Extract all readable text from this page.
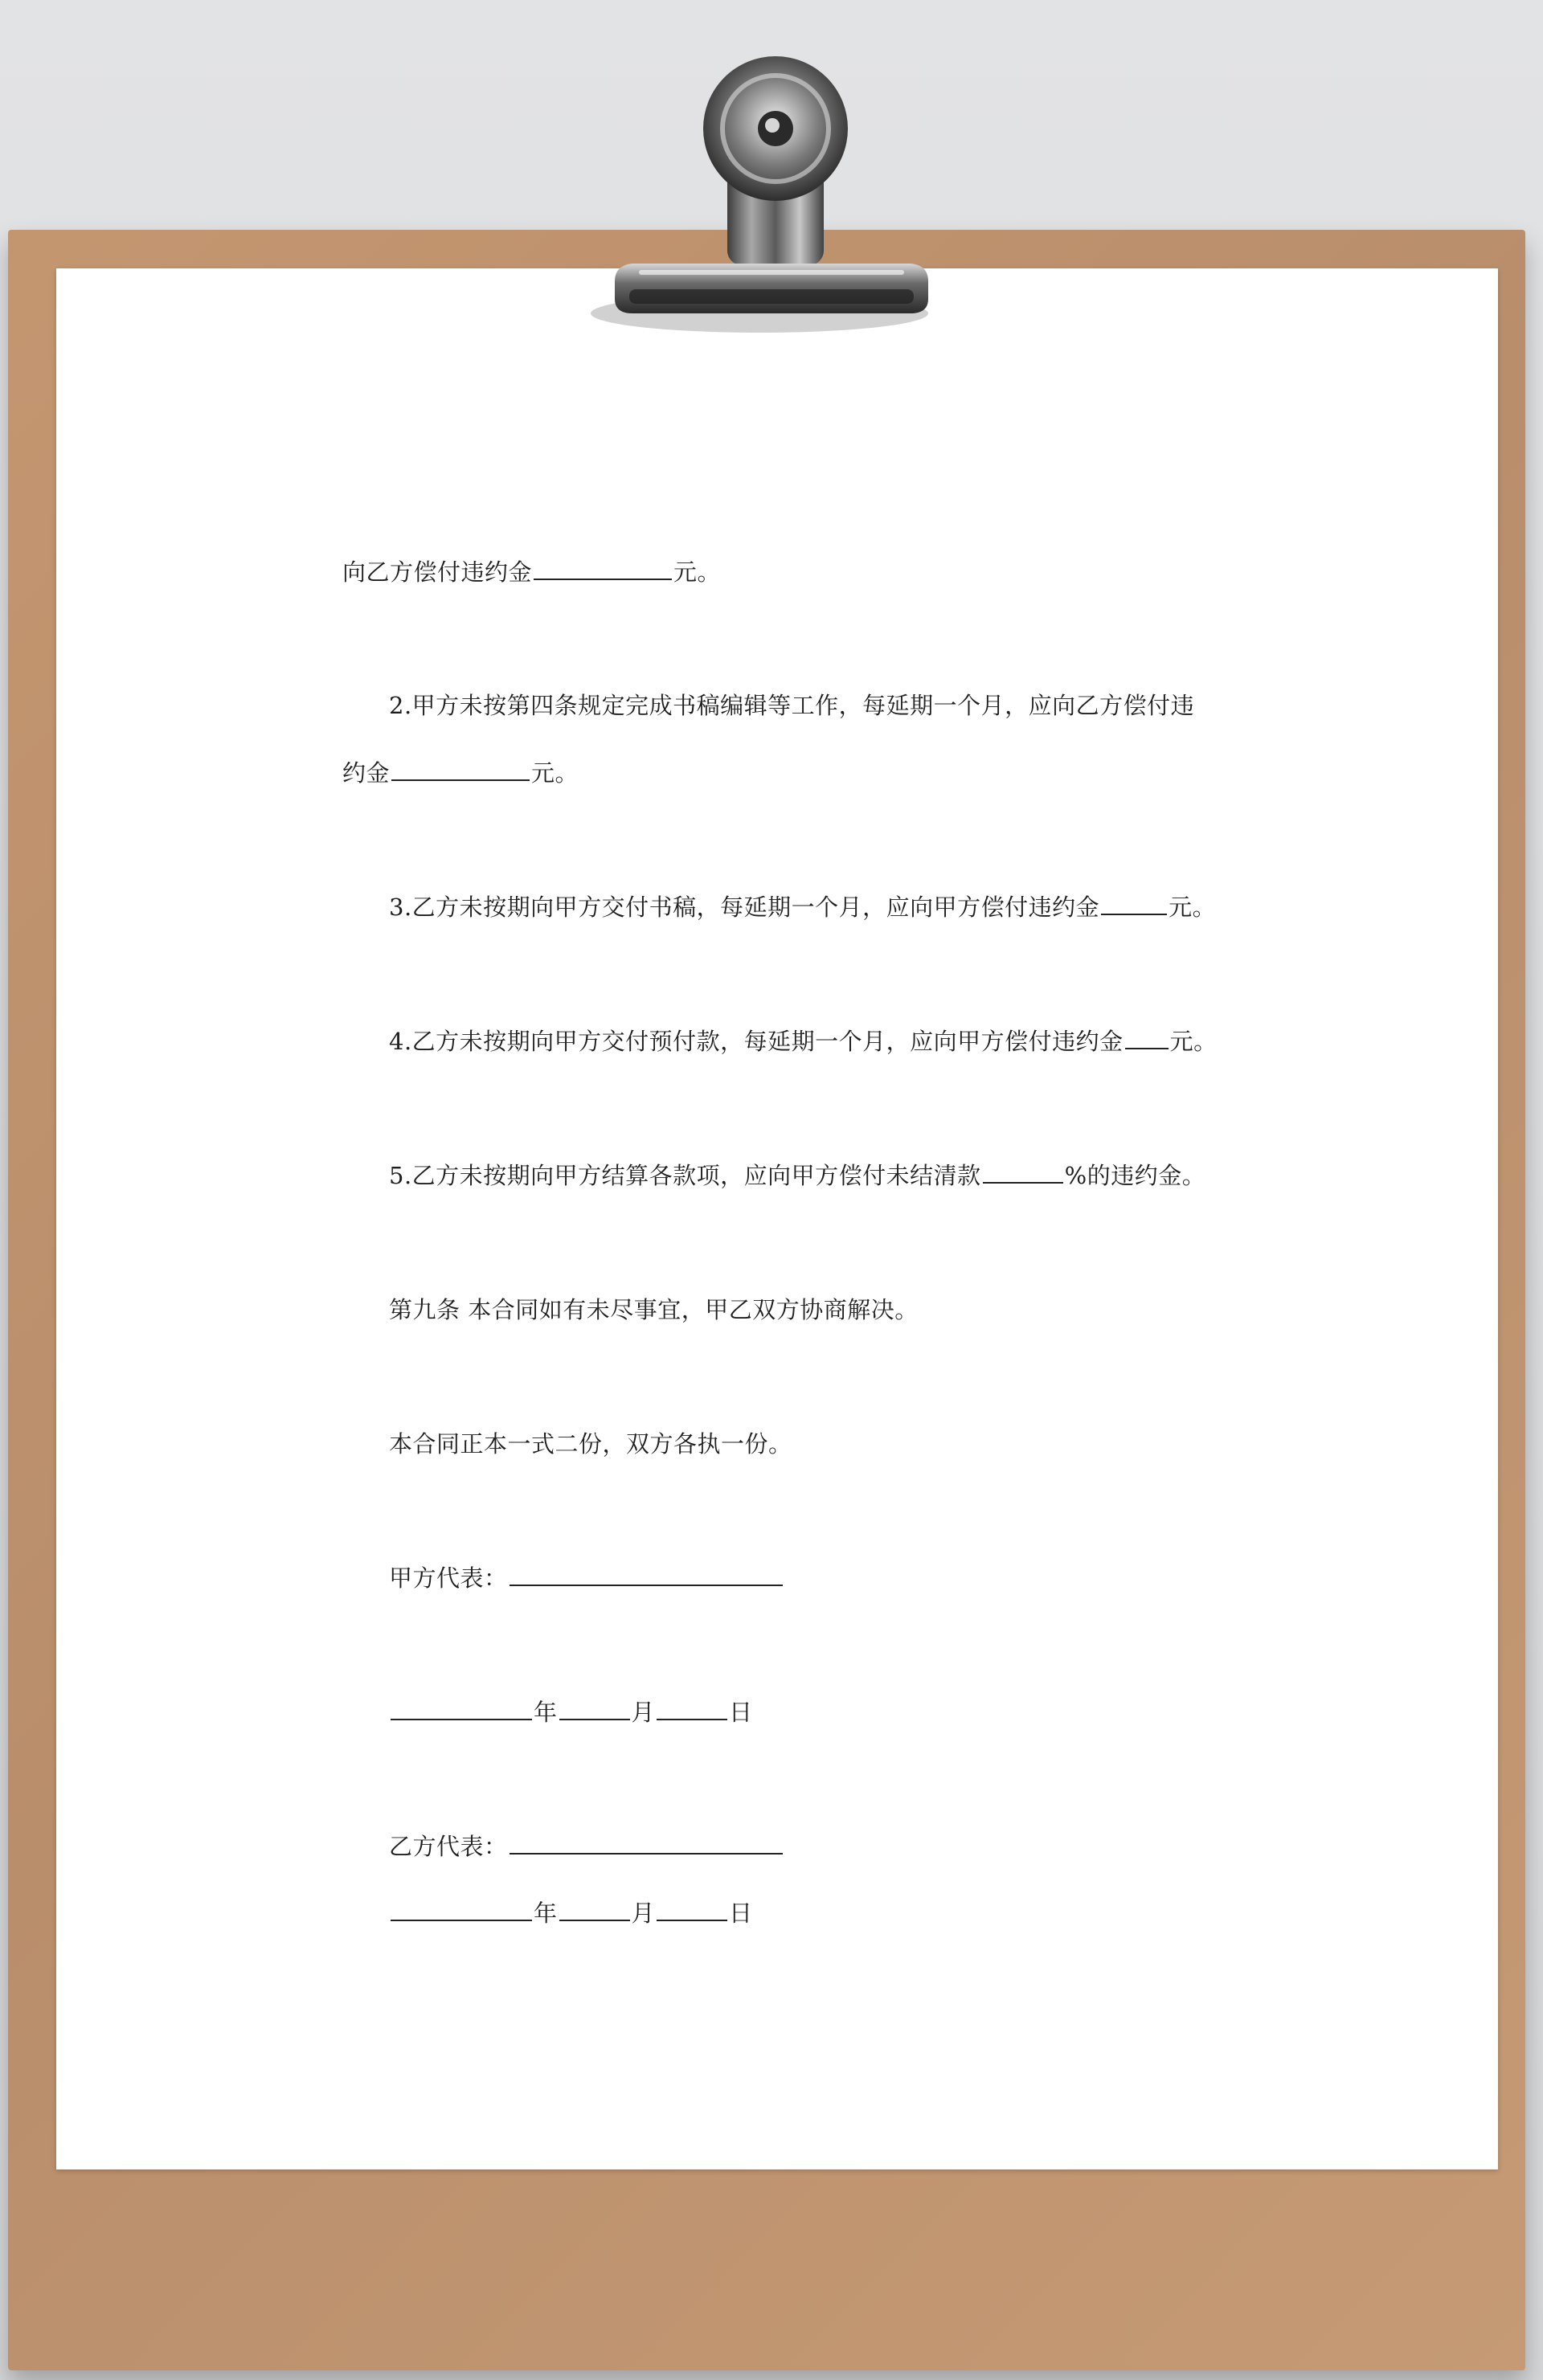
向乙方偿付违约金	元。
2.甲方未按第四条规定完成书稿编辑等工作，每延期一个月，应向乙方偿付违
约金	元。
3.乙方未按期向甲方交付书稿，每延期一个月，应向甲方偿付违约金	元。
4.乙方未按期向甲方交付预付款，每延期一个月，应向甲方偿付违约金 元。
5.乙方未按期向甲方结算各款项，应向甲方偿付未结清款	%的违约金。
第九条 本合同如有未尽事宜，甲乙双方协商解决。
本合同正本一式二份，双方各执一份。
甲方代表：
年	月	日
乙方代表：
年	月	日
